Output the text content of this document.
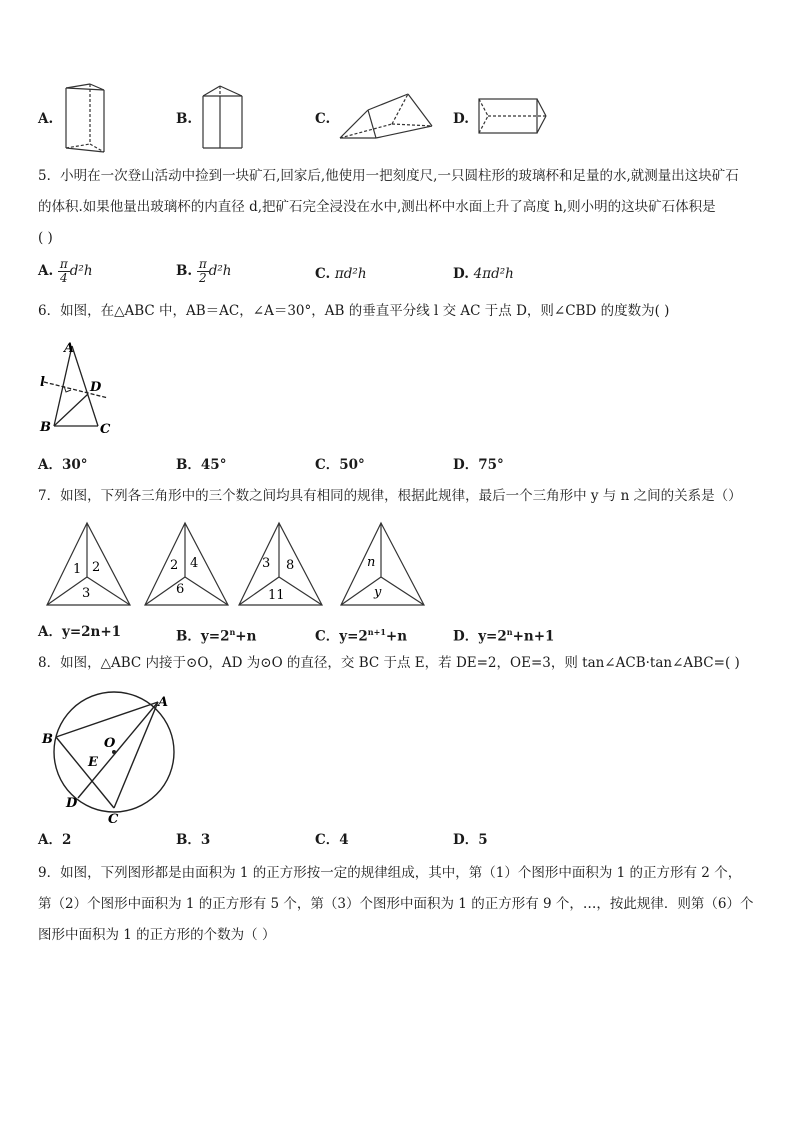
A.	B.	C.	D.
5．小明在一次登山活动中捡到一块矿石,回家后,他使用一把刻度尺,一只圆柱形的玻璃杯和足量的水,就测量出这块矿石
的体积.如果他量出玻璃杯的内直径 d,把矿石完全浸没在水中,测出杯中水面上升了高度 h,则小明的这块矿石体积是
( )
A. $\frac{\pi}{4} d^2h$	B. $\frac{\pi}{2} d^2h$	C. πd²h	D. 4πd²h
6．如图，在△ABC 中，AB＝AC，∠A＝30°，AB 的垂直平分线 l 交 AC 于点 D，则∠CBD 的度数为( )
A
l	D
B	C
A．30°	B．45°	C．50°	D．75°
7．如图，下列各三角形中的三个数之间均具有相同的规律，根据此规律，最后一个三角形中 y 与 n 之间的关系是（）
1 2
3
2 4
6
3 8
11
n
y
A．y=2n+1	B．$y=2^n+n$	C．$y=2^{n+1}+n$	D．$y=2^n+n+1$
8．如图，△ABC 内接于⊙O，AD 为⊙O 的直径，交 BC 于点 E，若 DE=2，OE=3，则 tan∠ACB·tan∠ABC=( )
A
B	O
E
D
C
A．2	B．3	C．4	D．5
9．如图，下列图形都是由面积为 1 的正方形按一定的规律组成，其中，第（1）个图形中面积为 1 的正方形有 2 个，
第（2）个图形中面积为 1 的正方形有 5 个，第（3）个图形中面积为 1 的正方形有 9 个，…，按此规律．则第（6）个
图形中面积为 1 的正方形的个数为（ ）
